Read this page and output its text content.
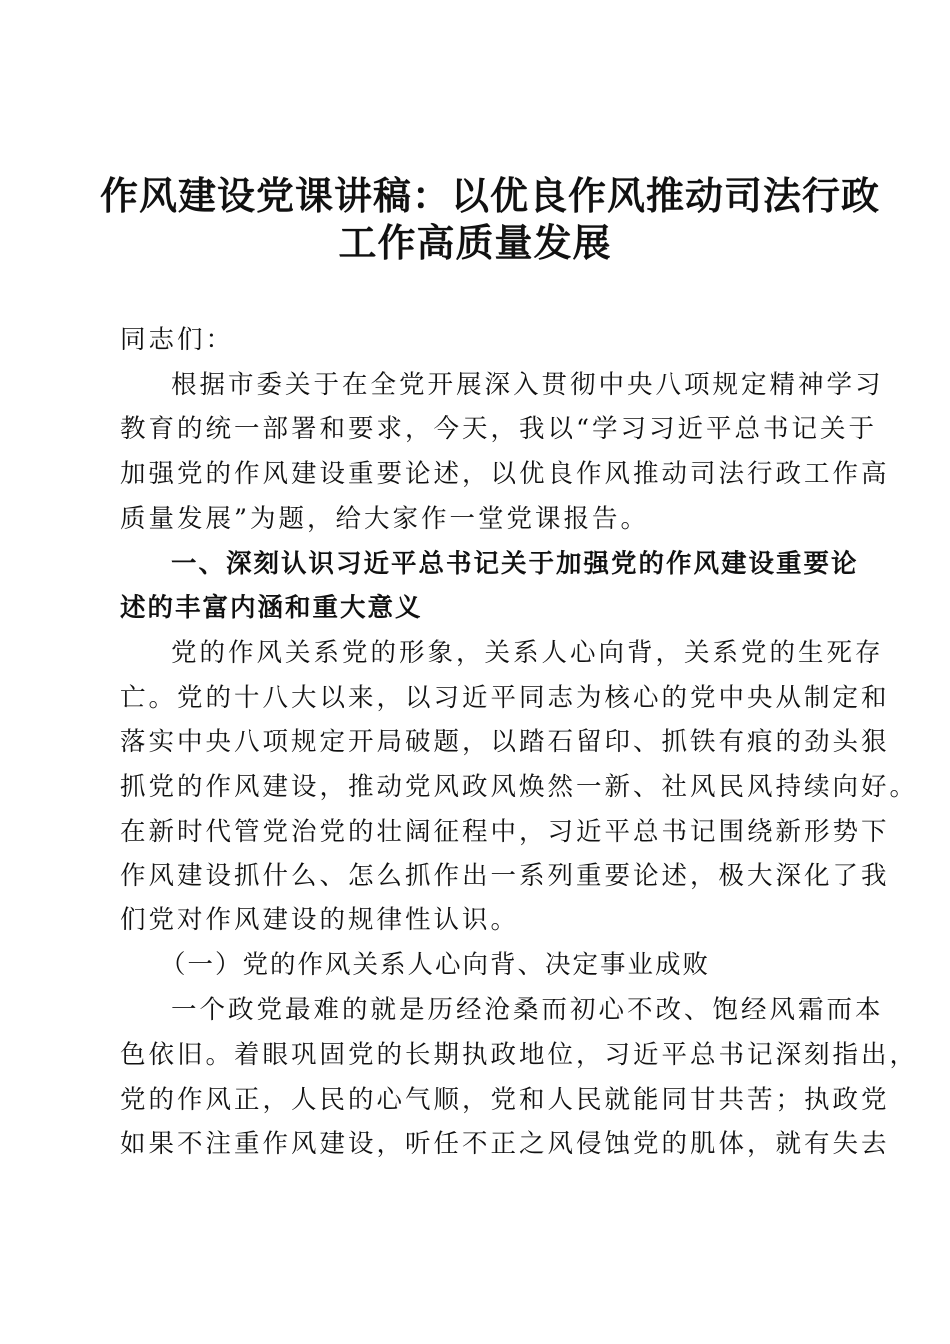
作风建设党课讲稿：以优良作风推动司法行政
工作高质量发展
同志们：
根据市委关于在全党开展深入贯彻中央八项规定精神学习
教育的统一部署和要求，今天，我以“学习习近平总书记关于
加强党的作风建设重要论述，以优良作风推动司法行政工作高
质量发展”为题，给大家作一堂党课报告。
一、深刻认识习近平总书记关于加强党的作风建设重要论
述的丰富内涵和重大意义
党的作风关系党的形象，关系人心向背，关系党的生死存
亡。党的十八大以来，以习近平同志为核心的党中央从制定和
落实中央八项规定开局破题，以踏石留印、抓铁有痕的劲头狠
抓党的作风建设，推动党风政风焕然一新、社风民风持续向好。
在新时代管党治党的壮阔征程中，习近平总书记围绕新形势下
作风建设抓什么、怎么抓作出一系列重要论述，极大深化了我
们党对作风建设的规律性认识。
（一）党的作风关系人心向背、决定事业成败
一个政党最难的就是历经沧桑而初心不改、饱经风霜而本
色依旧。着眼巩固党的长期执政地位，习近平总书记深刻指出，
党的作风正，人民的心气顺，党和人民就能同甘共苦；执政党
如果不注重作风建设，听任不正之风侵蚀党的肌体，就有失去
